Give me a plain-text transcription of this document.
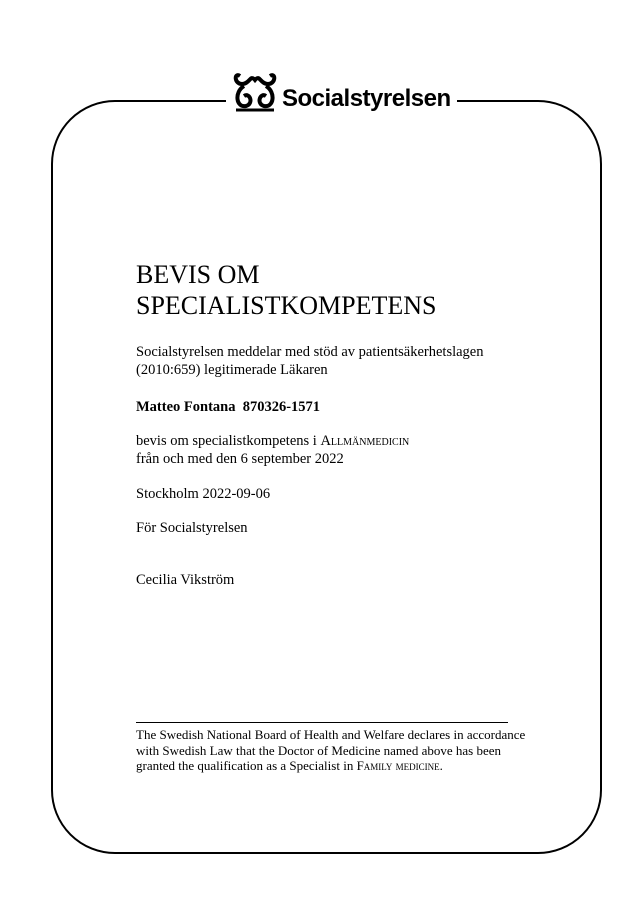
Socialstyrelsen
BEVIS OM
SPECIALISTKOMPETENS
Socialstyrelsen meddelar med stöd av patientsäkerhetslagen
(2010:659) legitimerade Läkaren
Matteo Fontana 870326-1571
bevis om specialistkompetens i Allmänmedicin
från och med den 6 september 2022
Stockholm 2022-09-06
För Socialstyrelsen
Cecilia Vikström
The Swedish National Board of Health and Welfare declares in accordance
with Swedish Law that the Doctor of Medicine named above has been
granted the qualification as a Specialist in Family medicine.
